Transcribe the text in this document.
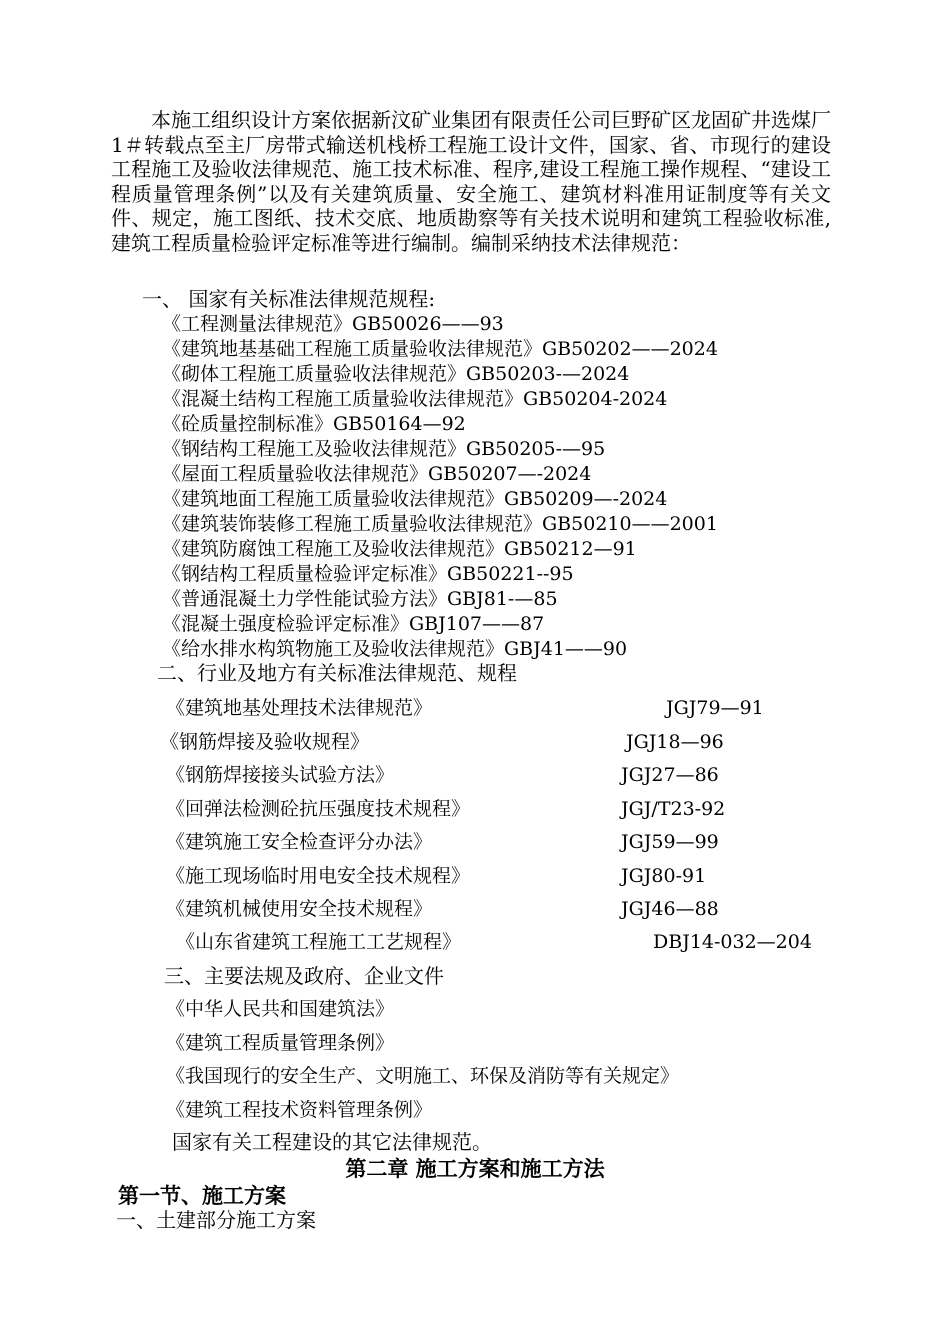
本施工组织设计方案依据新汶矿业集团有限责任公司巨野矿区龙固矿井选煤厂1＃转载点至主厂房带式输送机栈桥工程施工设计文件，国家、省、市现行的建设工程施工及验收法律规范、施工技术标准、程序,建设工程施工操作规程、“建设工程质量管理条例”以及有关建筑质量、安全施工、建筑材料准用证制度等有关文件、规定，施工图纸、技术交底、地质勘察等有关技术说明和建筑工程验收标准,建筑工程质量检验评定标准等进行编制。编制采纳技术法律规范：

一、 国家有关标准法律规范规程:
《工程测量法律规范》GB50026——93
《建筑地基基础工程施工质量验收法律规范》GB50202——2024
《砌体工程施工质量验收法律规范》GB50203-—2024
《混凝土结构工程施工质量验收法律规范》GB50204-2024
《砼质量控制标准》GB50164—92
《钢结构工程施工及验收法律规范》GB50205-—95
《屋面工程质量验收法律规范》GB50207—-2024
《建筑地面工程施工质量验收法律规范》GB50209—-2024
《建筑装饰装修工程施工质量验收法律规范》GB50210——2001
《建筑防腐蚀工程施工及验收法律规范》GB50212—91
《钢结构工程质量检验评定标准》GB50221--95
《普通混凝土力学性能试验方法》GBJ81-—85
《混凝土强度检验评定标准》GBJ107——87
《给水排水构筑物施工及验收法律规范》GBJ41——90
二、行业及地方有关标准法律规范、规程
《建筑地基处理技术法律规范》	JGJ79—91
《钢筋焊接及验收规程》	JGJ18—96
《钢筋焊接接头试验方法》	JGJ27—86
《回弹法检测砼抗压强度技术规程》	JGJ/T23-92
《建筑施工安全检查评分办法》	JGJ59—99
《施工现场临时用电安全技术规程》	JGJ80-91
《建筑机械使用安全技术规程》	JGJ46—88
《山东省建筑工程施工工艺规程》	DBJ14-032—204
三、主要法规及政府、企业文件
《中华人民共和国建筑法》
《建筑工程质量管理条例》
《我国现行的安全生产、文明施工、环保及消防等有关规定》
《建筑工程技术资料管理条例》
国家有关工程建设的其它法律规范。
第二章 施工方案和施工方法
第一节、施工方案
一、土建部分施工方案
